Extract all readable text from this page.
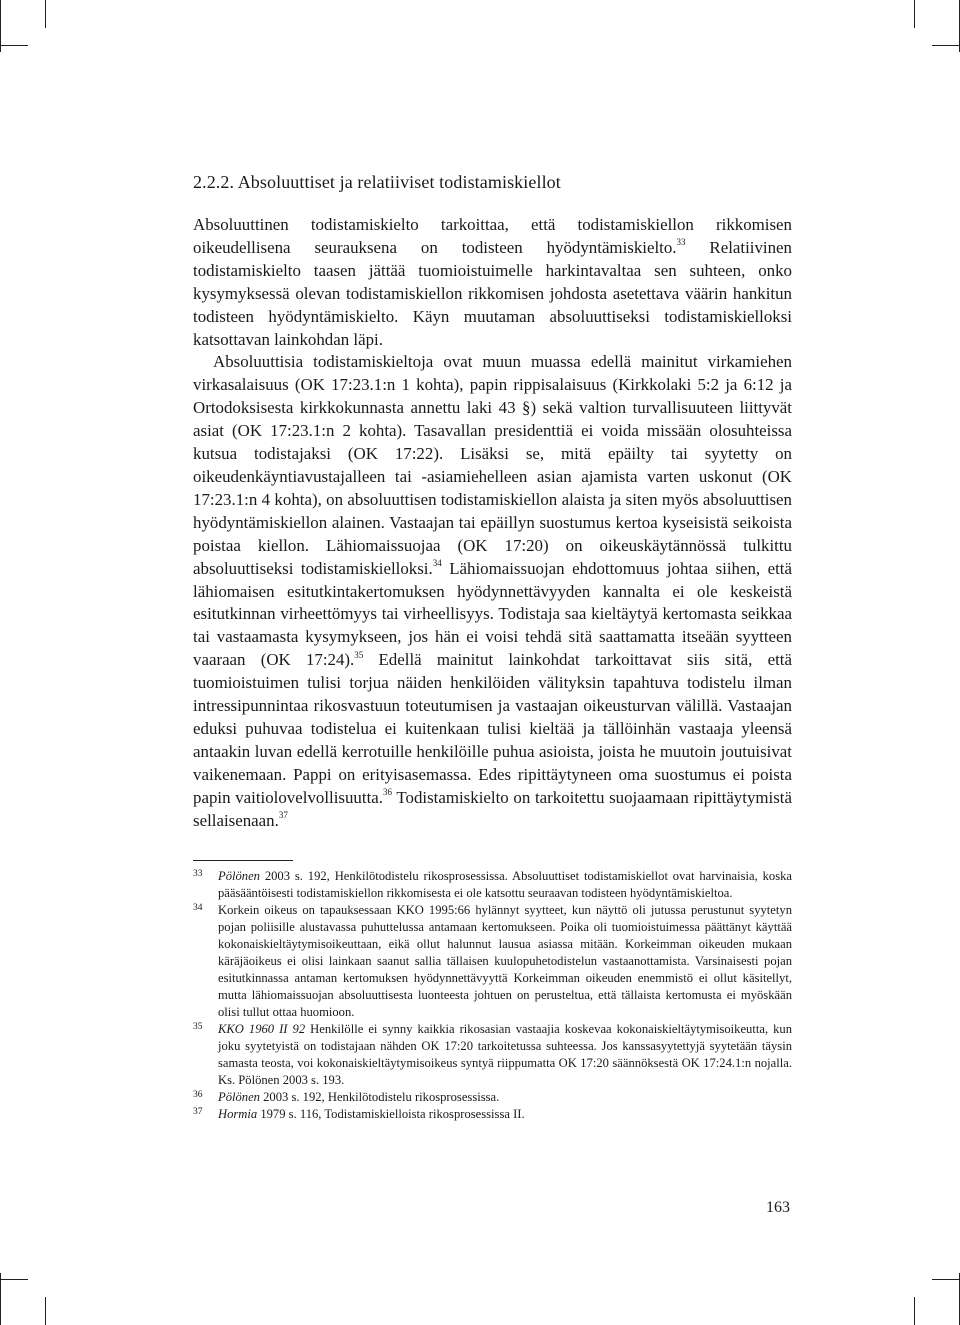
2.2.2. Absoluuttiset ja relatiiviset todistamiskiellot

Absoluuttinen todistamiskielto tarkoittaa, että todistamiskiellon rikkomisen oikeudellisena seurauksena on todisteen hyödyntämiskielto.$^{33}$ Relatiivinen todistamiskielto taasen jättää tuomioistuimelle harkintavaltaa sen suhteen, onko kysymyksessä olevan todistamiskiellon rikkomisen johdosta asetettava väärin hankitun todisteen hyödyntämiskielto. Käyn muutaman absoluuttiseksi todistamiskielloksi katsottavan lainkohdan läpi.

Absoluuttisia todistamiskieltoja ovat muun muassa edellä mainitut virkamiehen virkasalaisuus (OK 17:23.1:n 1 kohta), papin rippisalaisuus (Kirkkolaki 5:2 ja 6:12 ja Ortodoksisesta kirkkokunnasta annettu laki 43 §) sekä valtion turvallisuuteen liittyvät asiat (OK 17:23.1:n 2 kohta). Tasavallan presidenttiä ei voida missään olosuhteissa kutsua todistajaksi (OK 17:22). Lisäksi se, mitä epäilty tai syytetty on oikeudenkäyntiavustajalleen tai -asiamiehelleen asian ajamista varten uskonut (OK 17:23.1:n 4 kohta), on absoluuttisen todistamiskiellon alaista ja siten myös absoluuttisen hyödyntämiskiellon alainen. Vastaajan tai epäillyn suostumus kertoa kyseisistä seikoista poistaa kiellon. Lähiomaissuojaa (OK 17:20) on oikeuskäytännössä tulkittu absoluuttiseksi todistamiskielloksi.$^{34}$ Lähiomaissuojan ehdottomuus johtaa siihen, että lähiomaisen esitutkintakertomuksen hyödynnettävyyden kannalta ei ole keskeistä esitutkinnan virheettömyys tai virheellisyys. Todistaja saa kieltäytyä kertomasta seikkaa tai vastaamasta kysymykseen, jos hän ei voisi tehdä sitä saattamatta itseään syytteen vaaraan (OK 17:24).$^{35}$ Edellä mainitut lainkohdat tarkoittavat siis sitä, että tuomioistuimen tulisi torjua näiden henkilöiden välityksin tapahtuva todistelu ilman intressipunnintaa rikosvastuun toteutumisen ja vastaajan oikeusturvan välillä. Vastaajan eduksi puhuvaa todistelua ei kuitenkaan tulisi kieltää ja tällöinhän vastaaja yleensä antaakin luvan edellä kerrotuille henkilöille puhua asioista, joista he muutoin joutuisivat vaikenemaan. Pappi on erityisasemassa. Edes ripittäytyneen oma suostumus ei poista papin vaitiolovelvollisuutta.$^{36}$ Todistamiskielto on tarkoitettu suojaamaan ripittäytymistä sellaisenaan.$^{37}$

33 Pölönen 2003 s. 192, Henkilötodistelu rikosprosessissa. Absoluuttiset todistamiskiellot ovat harvinaisia, koska pääsääntöisesti todistamiskiellon rikkomisesta ei ole katsottu seuraavan todisteen hyödyntämiskieltoa.

34 Korkein oikeus on tapauksessaan KKO 1995:66 hylännyt syytteet, kun näyttö oli jutussa perustunut syytetyn pojan poliisille alustavassa puhuttelussa antamaan kertomukseen. Poika oli tuomioistuimessa päättänyt käyttää kokonaiskieltäytymisoikeuttaan, eikä ollut halunnut lausua asiassa mitään. Korkeimman oikeuden mukaan käräjäoikeus ei olisi lainkaan saanut sallia tällaisen kuulopuhetodistelun vastaanottamista. Varsinaisesti pojan esitutkinnassa antaman kertomuksen hyödynnettävyyttä Korkeimman oikeuden enemmistö ei ollut käsitellyt, mutta lähiomaissuojan absoluuttisesta luonteesta johtuen on perusteltua, että tällaista kertomusta ei myöskään olisi tullut ottaa huomioon.

35 KKO 1960 II 92 Henkilölle ei synny kaikkia rikosasian vastaajia koskevaa kokonaiskieltäytymisoikeutta, kun joku syytetyistä on todistajaan nähden OK 17:20 tarkoitetussa suhteessa. Jos kanssasyytettyjä syytetään täysin samasta teosta, voi kokonaiskieltäytymisoikeus syntyä riippumatta OK 17:20 säännöksestä OK 17:24.1:n nojalla. Ks. Pölönen 2003 s. 193.

36 Pölönen 2003 s. 192, Henkilötodistelu rikosprosessissa.

37 Hormia 1979 s. 116, Todistamiskielloista rikosprosessissa II.

163
